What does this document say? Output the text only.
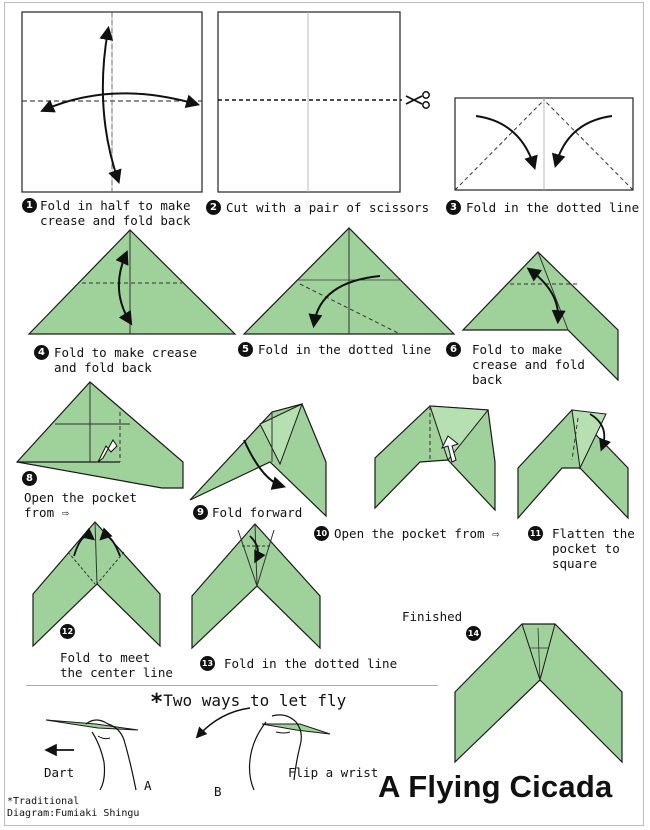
1 Fold in half to make
crease and fold back
2 Cut with a pair of scissors	3 Fold in the dotted line
4 Fold to make crease
and fold back
5 Fold in the dotted line	6	Fold to make
crease and fold
back
8
Open the pocket
from ⇨	9 Fold forward
10 Open the pocket from ⇨	11 Flatten the
pocket to
square
12
Fold to meet
the center line
13 Fold in the dotted line
Finished
14
*Two ways to let fly
Dart
A	B
Flip a wrist A Flying Cicada
*Traditional
Diagram:Fumiaki Shingu
